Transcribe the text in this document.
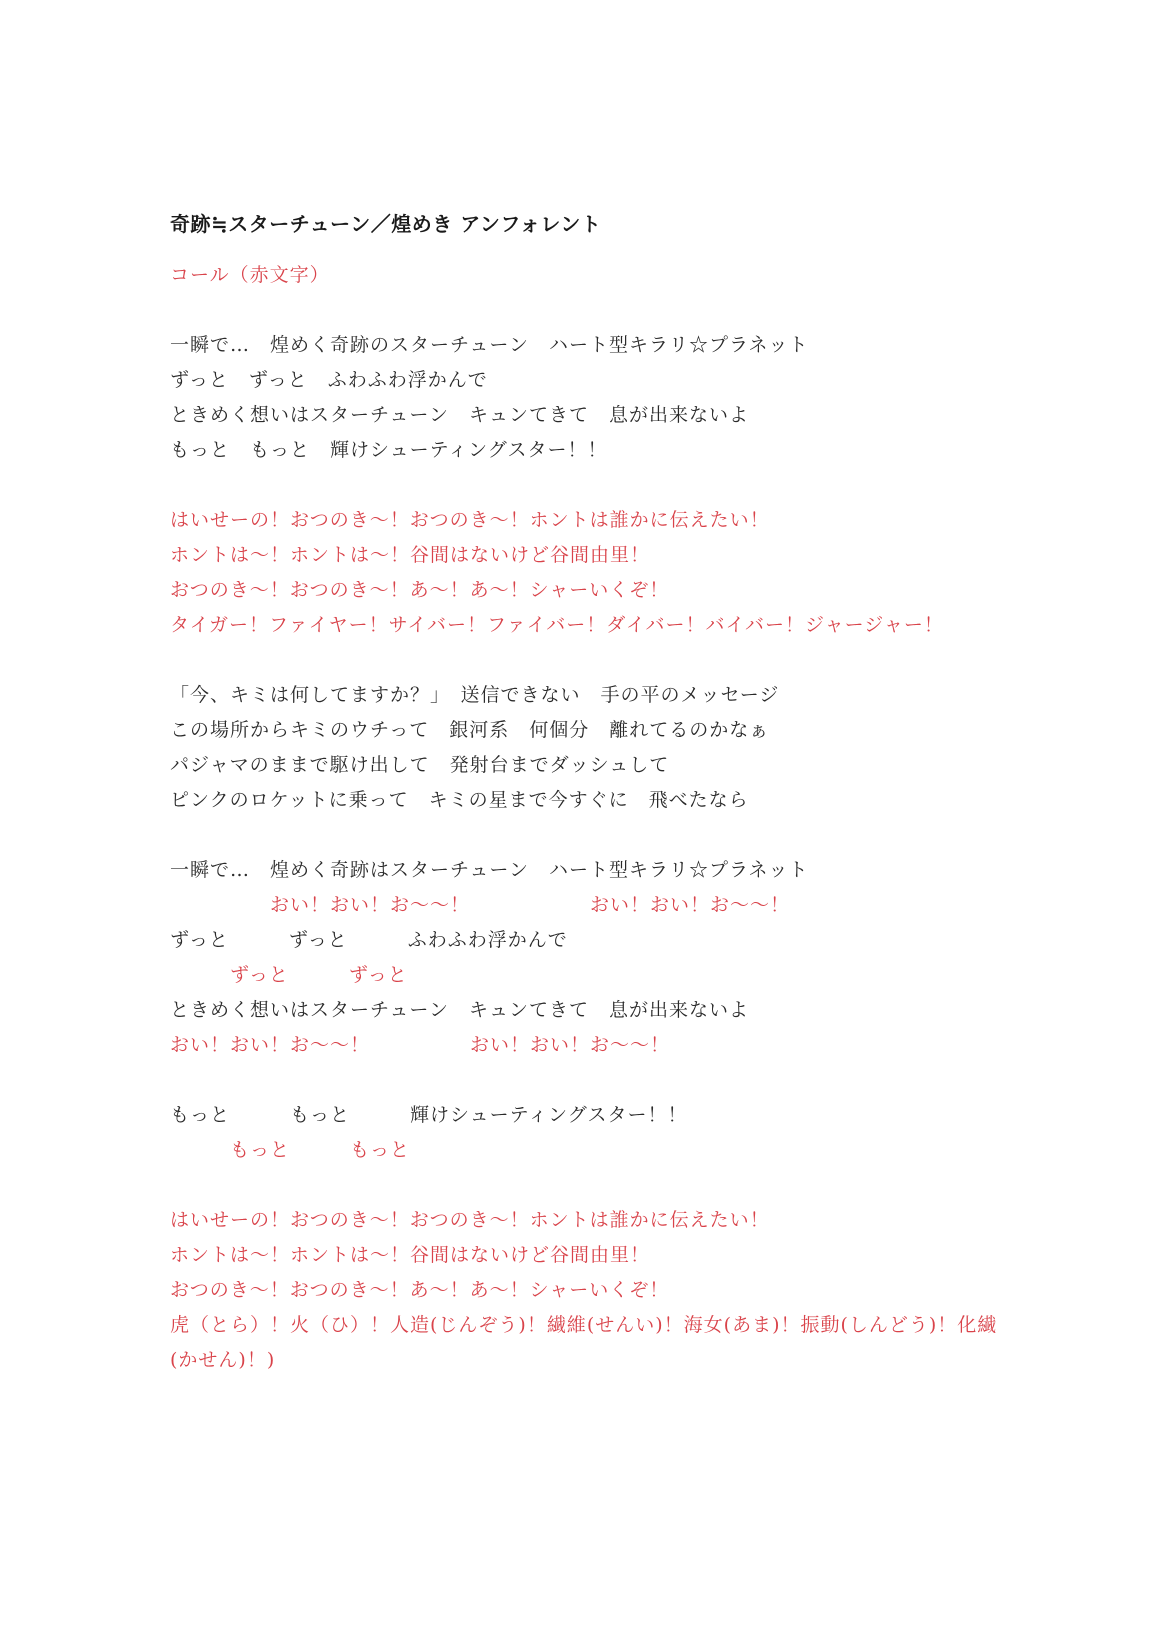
奇跡≒スターチューン／煌めき アンフォレント
コール（赤文字）
一瞬で…　煌めく奇跡のスターチューン　ハート型キラリ☆プラネット
ずっと　ずっと　ふわふわ浮かんで
ときめく想いはスターチューン　キュンてきて　息が出来ないよ
もっと　もっと　輝けシューティングスター！！
はいせーの！おつのき〜！おつのき〜！ホントは誰かに伝えたい！
ホントは〜！ホントは〜！谷間はないけど谷間由里！
おつのき〜！おつのき〜！あ〜！あ〜！シャーいくぞ！
タイガー！ファイヤー！サイバー！ファイバー！ダイバー！バイバー！ジャージャー！
「今、キミは何してますか？」　送信できない　手の平のメッセージ
この場所からキミのウチって　銀河系　何個分　離れてるのかなぁ
パジャマのままで駆け出して　発射台までダッシュして
ピンクのロケットに乗って　キミの星まで今すぐに　飛べたなら
一瞬で…　煌めく奇跡はスターチューン　ハート型キラリ☆プラネット
　　　　　おい！おい！お〜〜！　　　　　　おい！おい！お〜〜！
ずっと　　　ずっと　　　ふわふわ浮かんで
　　　ずっと　　　ずっと
ときめく想いはスターチューン　キュンてきて　息が出来ないよ
おい！おい！お〜〜！　　　　　おい！おい！お〜〜！
もっと　　　もっと　　　輝けシューティングスター！！
　　　もっと　　　もっと
はいせーの！おつのき〜！おつのき〜！ホントは誰かに伝えたい！
ホントは〜！ホントは〜！谷間はないけど谷間由里！
おつのき〜！おつのき〜！あ〜！あ〜！シャーいくぞ！
虎（とら）！火（ひ）！人造(じんぞう)！繊維(せんい)！海女(あま)！振動(しんどう)！化繊
(かせん)！)
